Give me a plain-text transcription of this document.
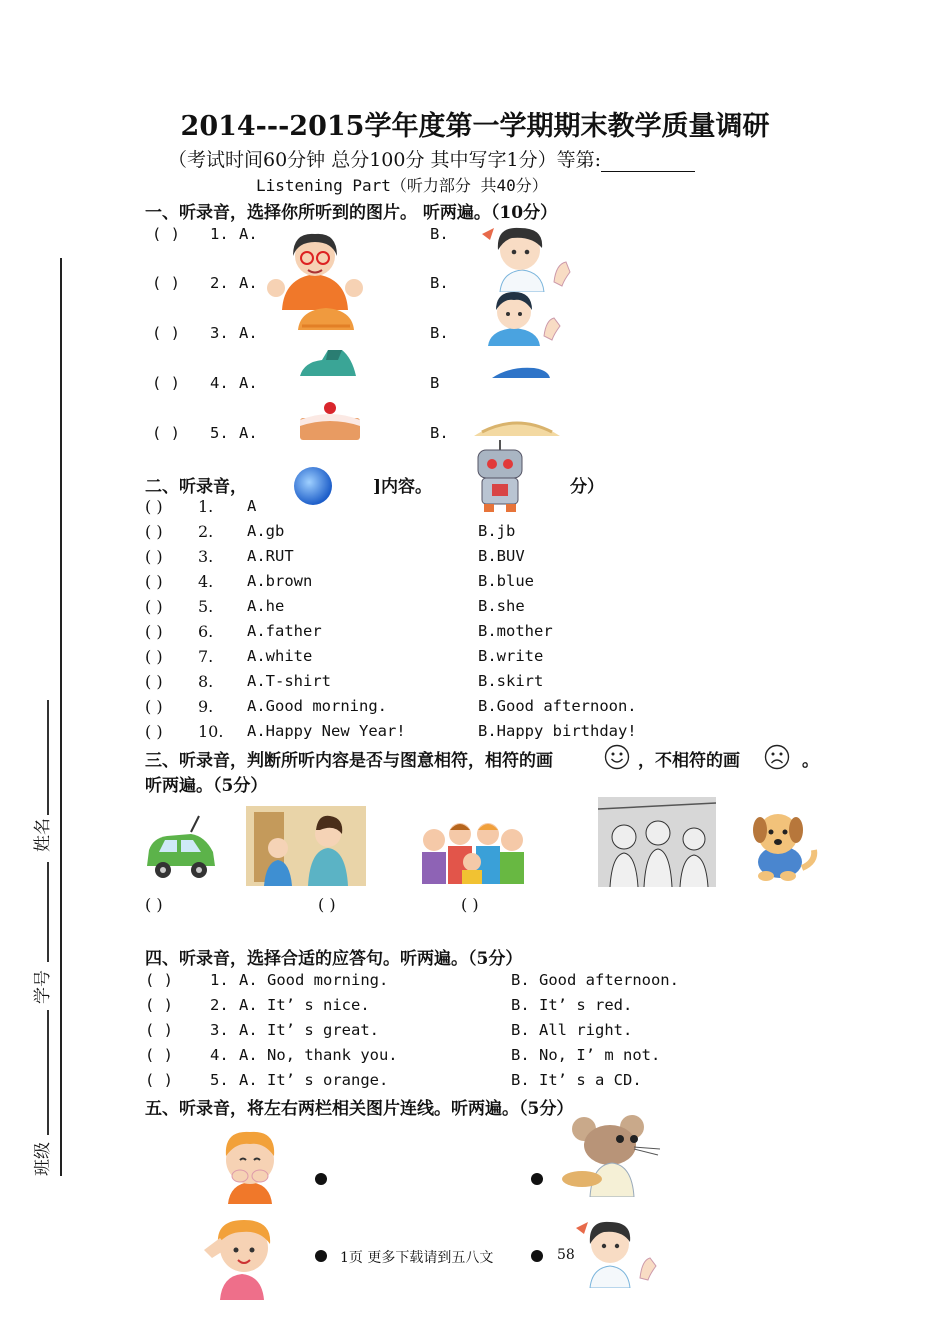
2014---2015学年度第一学期期末教学质量调研
（考试时间60分钟 总分100分 其中写字1分）等第:
Listening Part（听力部分 共40分）
姓名
学号
班级
一、听录音，选择你所听到的图片。 听两遍。（10分）
( ) 1. A.	B.
( ) 2. A.	B.
( ) 3. A.	B.
( ) 4. A.	B
( ) 5. A.	B.
二、听录音，	]内容。	分）
( ) 1. A
( ) 2. A.gb	B.jb
( ) 3. A.RUT	B.BUV
( ) 4. A.brown	B.blue
( ) 5. A.he	B.she
( ) 6. A.father	B.mother
( ) 7. A.white	B.write
( ) 8. A.T-shirt	B.skirt
( ) 9. A.Good morning.	B.Good afternoon.
( ) 10. A.Happy New Year!	B.Happy birthday!
三、听录音，判断所听内容是否与图意相符，相符的画	，不相符的画	。
听两遍。（5分）
( )	( )	( )
四、听录音，选择合适的应答句。听两遍。（5分）
( ) 1. A. Good morning.	B. Good afternoon.
( ) 2. A. It’ s nice.	B. It’ s red.
( ) 3. A. It’ s great.	B. All right.
( ) 4. A. No, thank you.	B. No, I’ m not.
( ) 5. A. It’ s orange.	B. It’ s a CD.
五、听录音，将左右两栏相关图片连线。听两遍。（5分）
1页 更多下载请到五八文	58
